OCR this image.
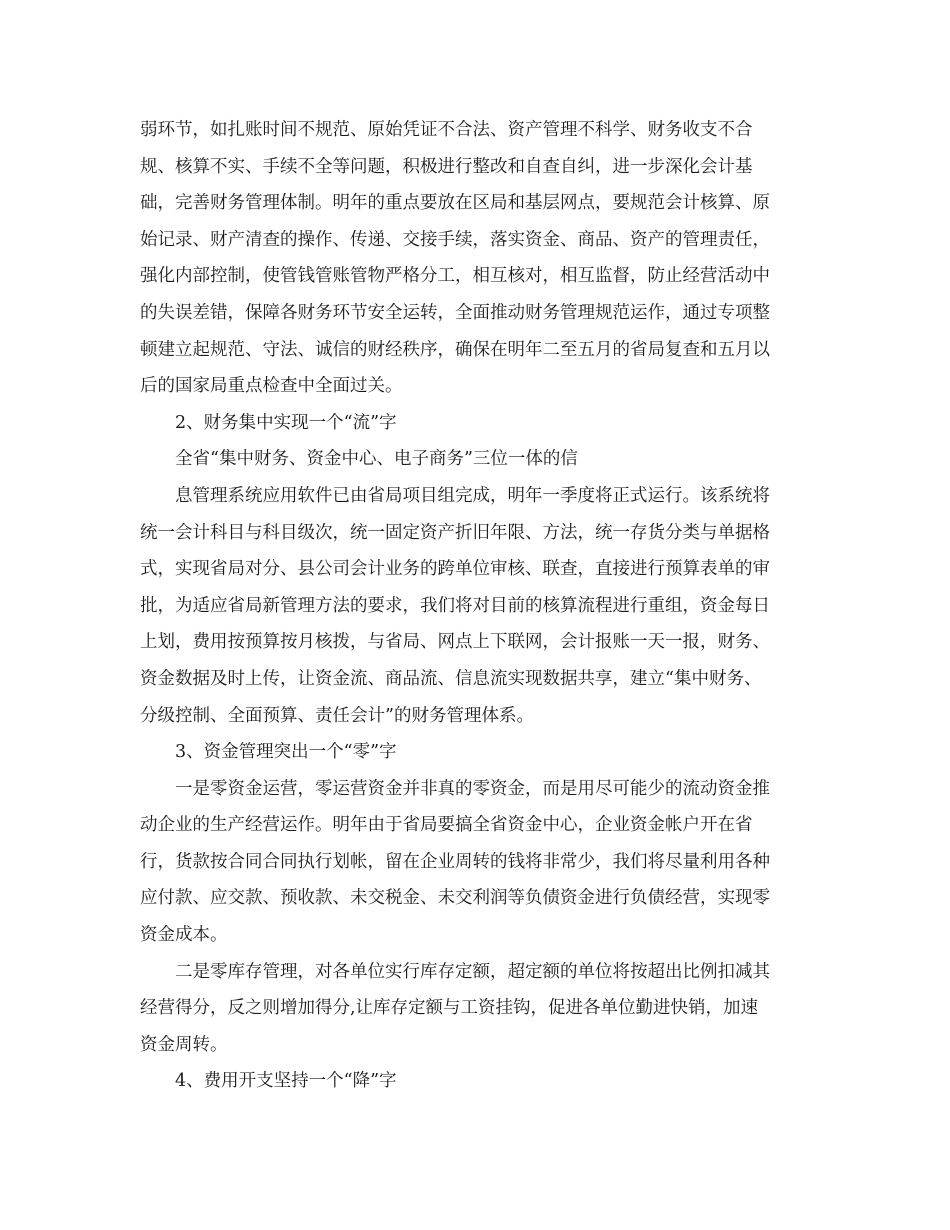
弱环节，如扎账时间不规范、原始凭证不合法、资产管理不科学、财务收支不合
规、核算不实、手续不全等问题，积极进行整改和自查自纠，进一步深化会计基
础，完善财务管理体制。明年的重点要放在区局和基层网点，要规范会计核算、原
始记录、财产清查的操作、传递、交接手续，落实资金、商品、资产的管理责任，
强化内部控制，使管钱管账管物严格分工，相互核对，相互监督，防止经营活动中
的失误差错，保障各财务环节安全运转，全面推动财务管理规范运作，通过专项整
顿建立起规范、守法、诚信的财经秩序，确保在明年二至五月的省局复查和五月以
后的国家局重点检查中全面过关。
2、财务集中实现一个“流”字
全省“集中财务、资金中心、电子商务”三位一体的信
息管理系统应用软件已由省局项目组完成，明年一季度将正式运行。该系统将
统一会计科目与科目级次，统一固定资产折旧年限、方法，统一存货分类与单据格
式，实现省局对分、县公司会计业务的跨单位审核、联查，直接进行预算表单的审
批，为适应省局新管理方法的要求，我们将对目前的核算流程进行重组，资金每日
上划，费用按预算按月核拨，与省局、网点上下联网，会计报账一天一报，财务、
资金数据及时上传，让资金流、商品流、信息流实现数据共享，建立“集中财务、
分级控制、全面预算、责任会计”的财务管理体系。
3、资金管理突出一个“零”字
一是零资金运营，零运营资金并非真的零资金，而是用尽可能少的流动资金推
动企业的生产经营运作。明年由于省局要搞全省资金中心，企业资金帐户开在省
行，货款按合同合同执行划帐，留在企业周转的钱将非常少，我们将尽量利用各种
应付款、应交款、预收款、未交税金、未交利润等负债资金进行负债经营，实现零
资金成本。
二是零库存管理，对各单位实行库存定额，超定额的单位将按超出比例扣减其
经营得分，反之则增加得分,让库存定额与工资挂钩，促进各单位勤进快销，加速
资金周转。
4、费用开支坚持一个“降”字
